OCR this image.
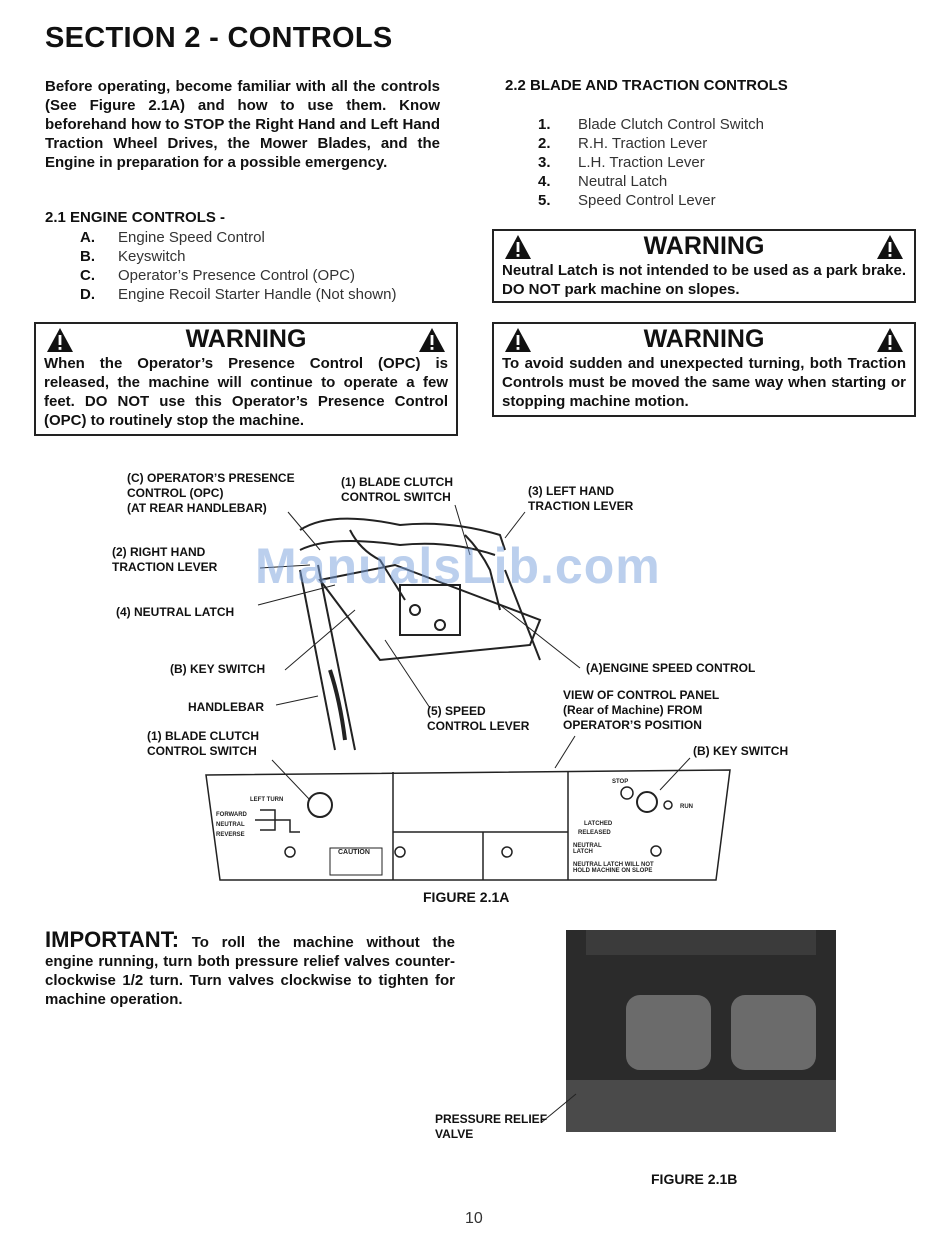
SECTION 2 - CONTROLS
Before operating, become familiar with all the controls (See Figure 2.1A) and how to use them. Know beforehand how to STOP the Right Hand and Left Hand Traction Wheel Drives, the Mower Blades, and the Engine in preparation for a possible emergency.
2.1 ENGINE CONTROLS -
A.	Engine Speed Control
B.	Keyswitch
C.	Operator’s Presence Control (OPC)
D.	Engine Recoil Starter Handle (Not shown)
2.2 BLADE AND TRACTION CONTROLS
1.	Blade Clutch Control Switch
2.	R.H. Traction Lever
3.	L.H. Traction Lever
4.	Neutral Latch
5.	Speed Control Lever
WARNING
Neutral Latch is not intended to be used as a park brake. DO NOT park machine on slopes.
WARNING
When the Operator’s Presence Control (OPC) is released, the machine will continue to operate a few feet. DO NOT use this Operator’s Presence Control (OPC) to routinely stop the machine.
WARNING
To avoid sudden and unexpected turning, both Traction Controls must be moved the same way when starting or stopping machine motion.
ManualsLib.com
(C) OPERATOR’S PRESENCE
CONTROL (OPC)
(AT REAR HANDLEBAR)
(1) BLADE CLUTCH
CONTROL SWITCH	(3) LEFT HAND
TRACTION LEVER
(2) RIGHT HAND
TRACTION LEVER
(4) NEUTRAL LATCH
(B) KEY SWITCH	(A)ENGINE SPEED CONTROL
VIEW OF CONTROL PANEL
(Rear of Machine) FROM
OPERATOR’S POSITION
HANDLEBAR	(5) SPEED
CONTROL LEVER
(1) BLADE CLUTCH
CONTROL SWITCH	(B) KEY SWITCH
LEFT TURN
FORWARD
NEUTRAL
REVERSE
CAUTION
STOP
RUN
LATCHED
RELEASED
NEUTRAL
LATCH
NEUTRAL LATCH WILL NOT
HOLD MACHINE ON SLOPE
FIGURE 2.1A
IMPORTANT: To roll the machine without the engine running, turn both pressure relief valves counter-clockwise 1/2 turn. Turn valves clockwise to tighten for machine operation.
PRESSURE RELIEF
VALVE
FIGURE 2.1B
10
